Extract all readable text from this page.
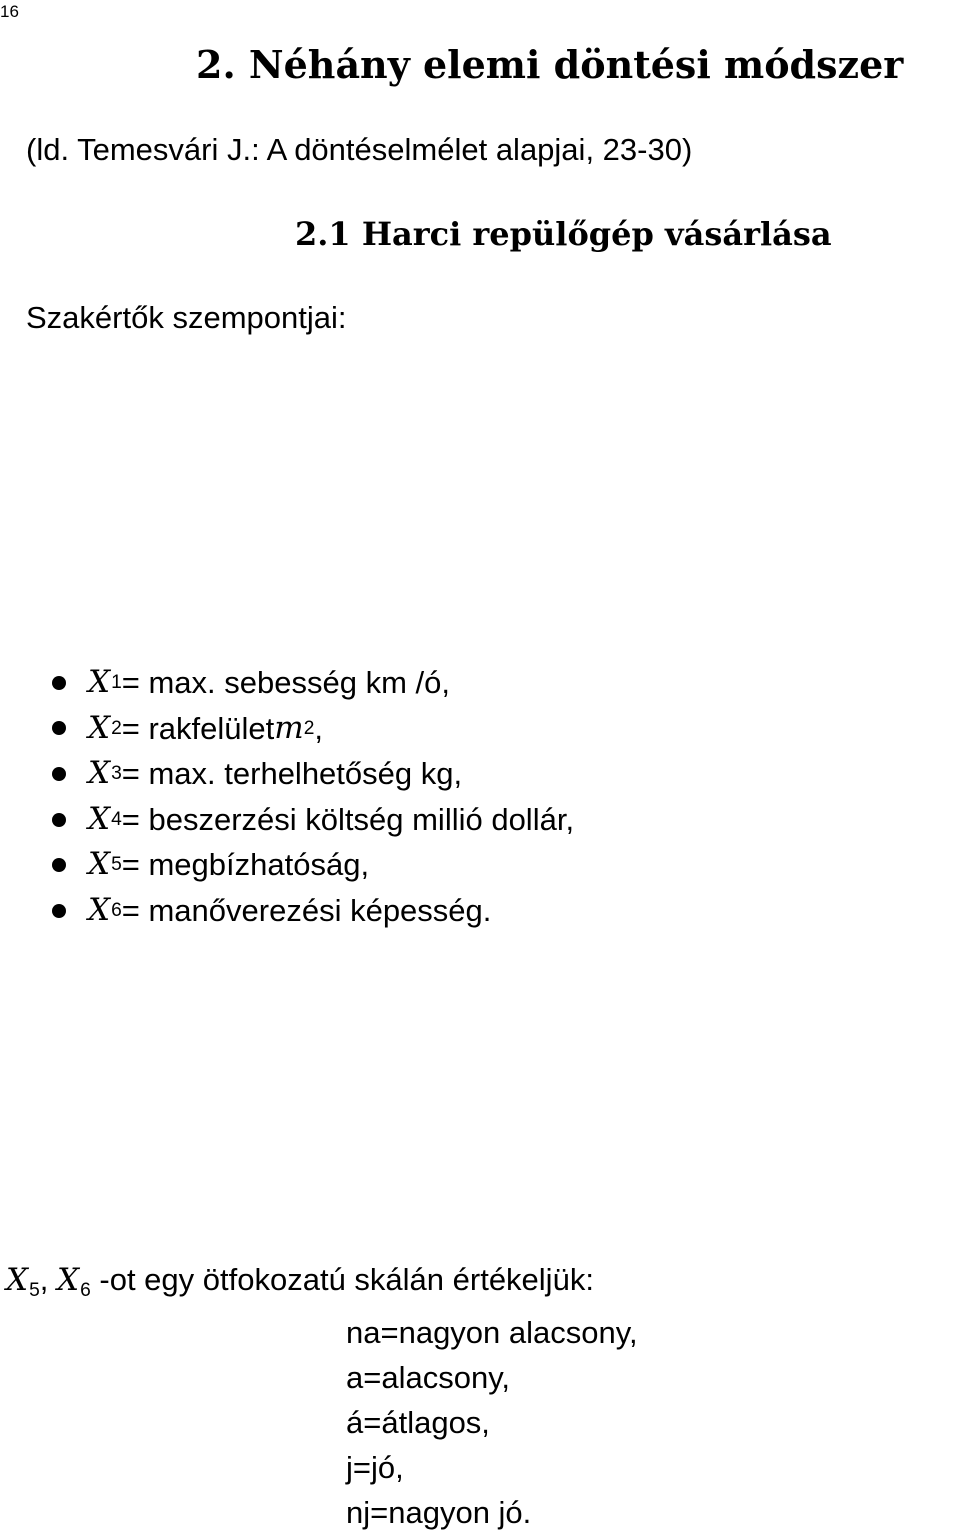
16
2. Néhány elemi döntési módszer
(ld. Temesvári J.: A döntéselmélet alapjai, 23-30)
2.1 Harci repülőgép vásárlása
Szakértők szempontjai:
X 1 = max. sebesség km /ó,
X 2 = rakfelület m 2 ,
X 3 = max. terhelhetőség kg,
X 4 = beszerzési költség millió dollár,
X 5 = megbízhatóság,
X 6 = manőverezési képesség.
$X_5$, $X_6$ -ot egy ötfokozatú skálán értékeljük:
na=nagyon alacsony,
a=alacsony,
á=átlagos,
j=jó,
nj=nagyon jó.
